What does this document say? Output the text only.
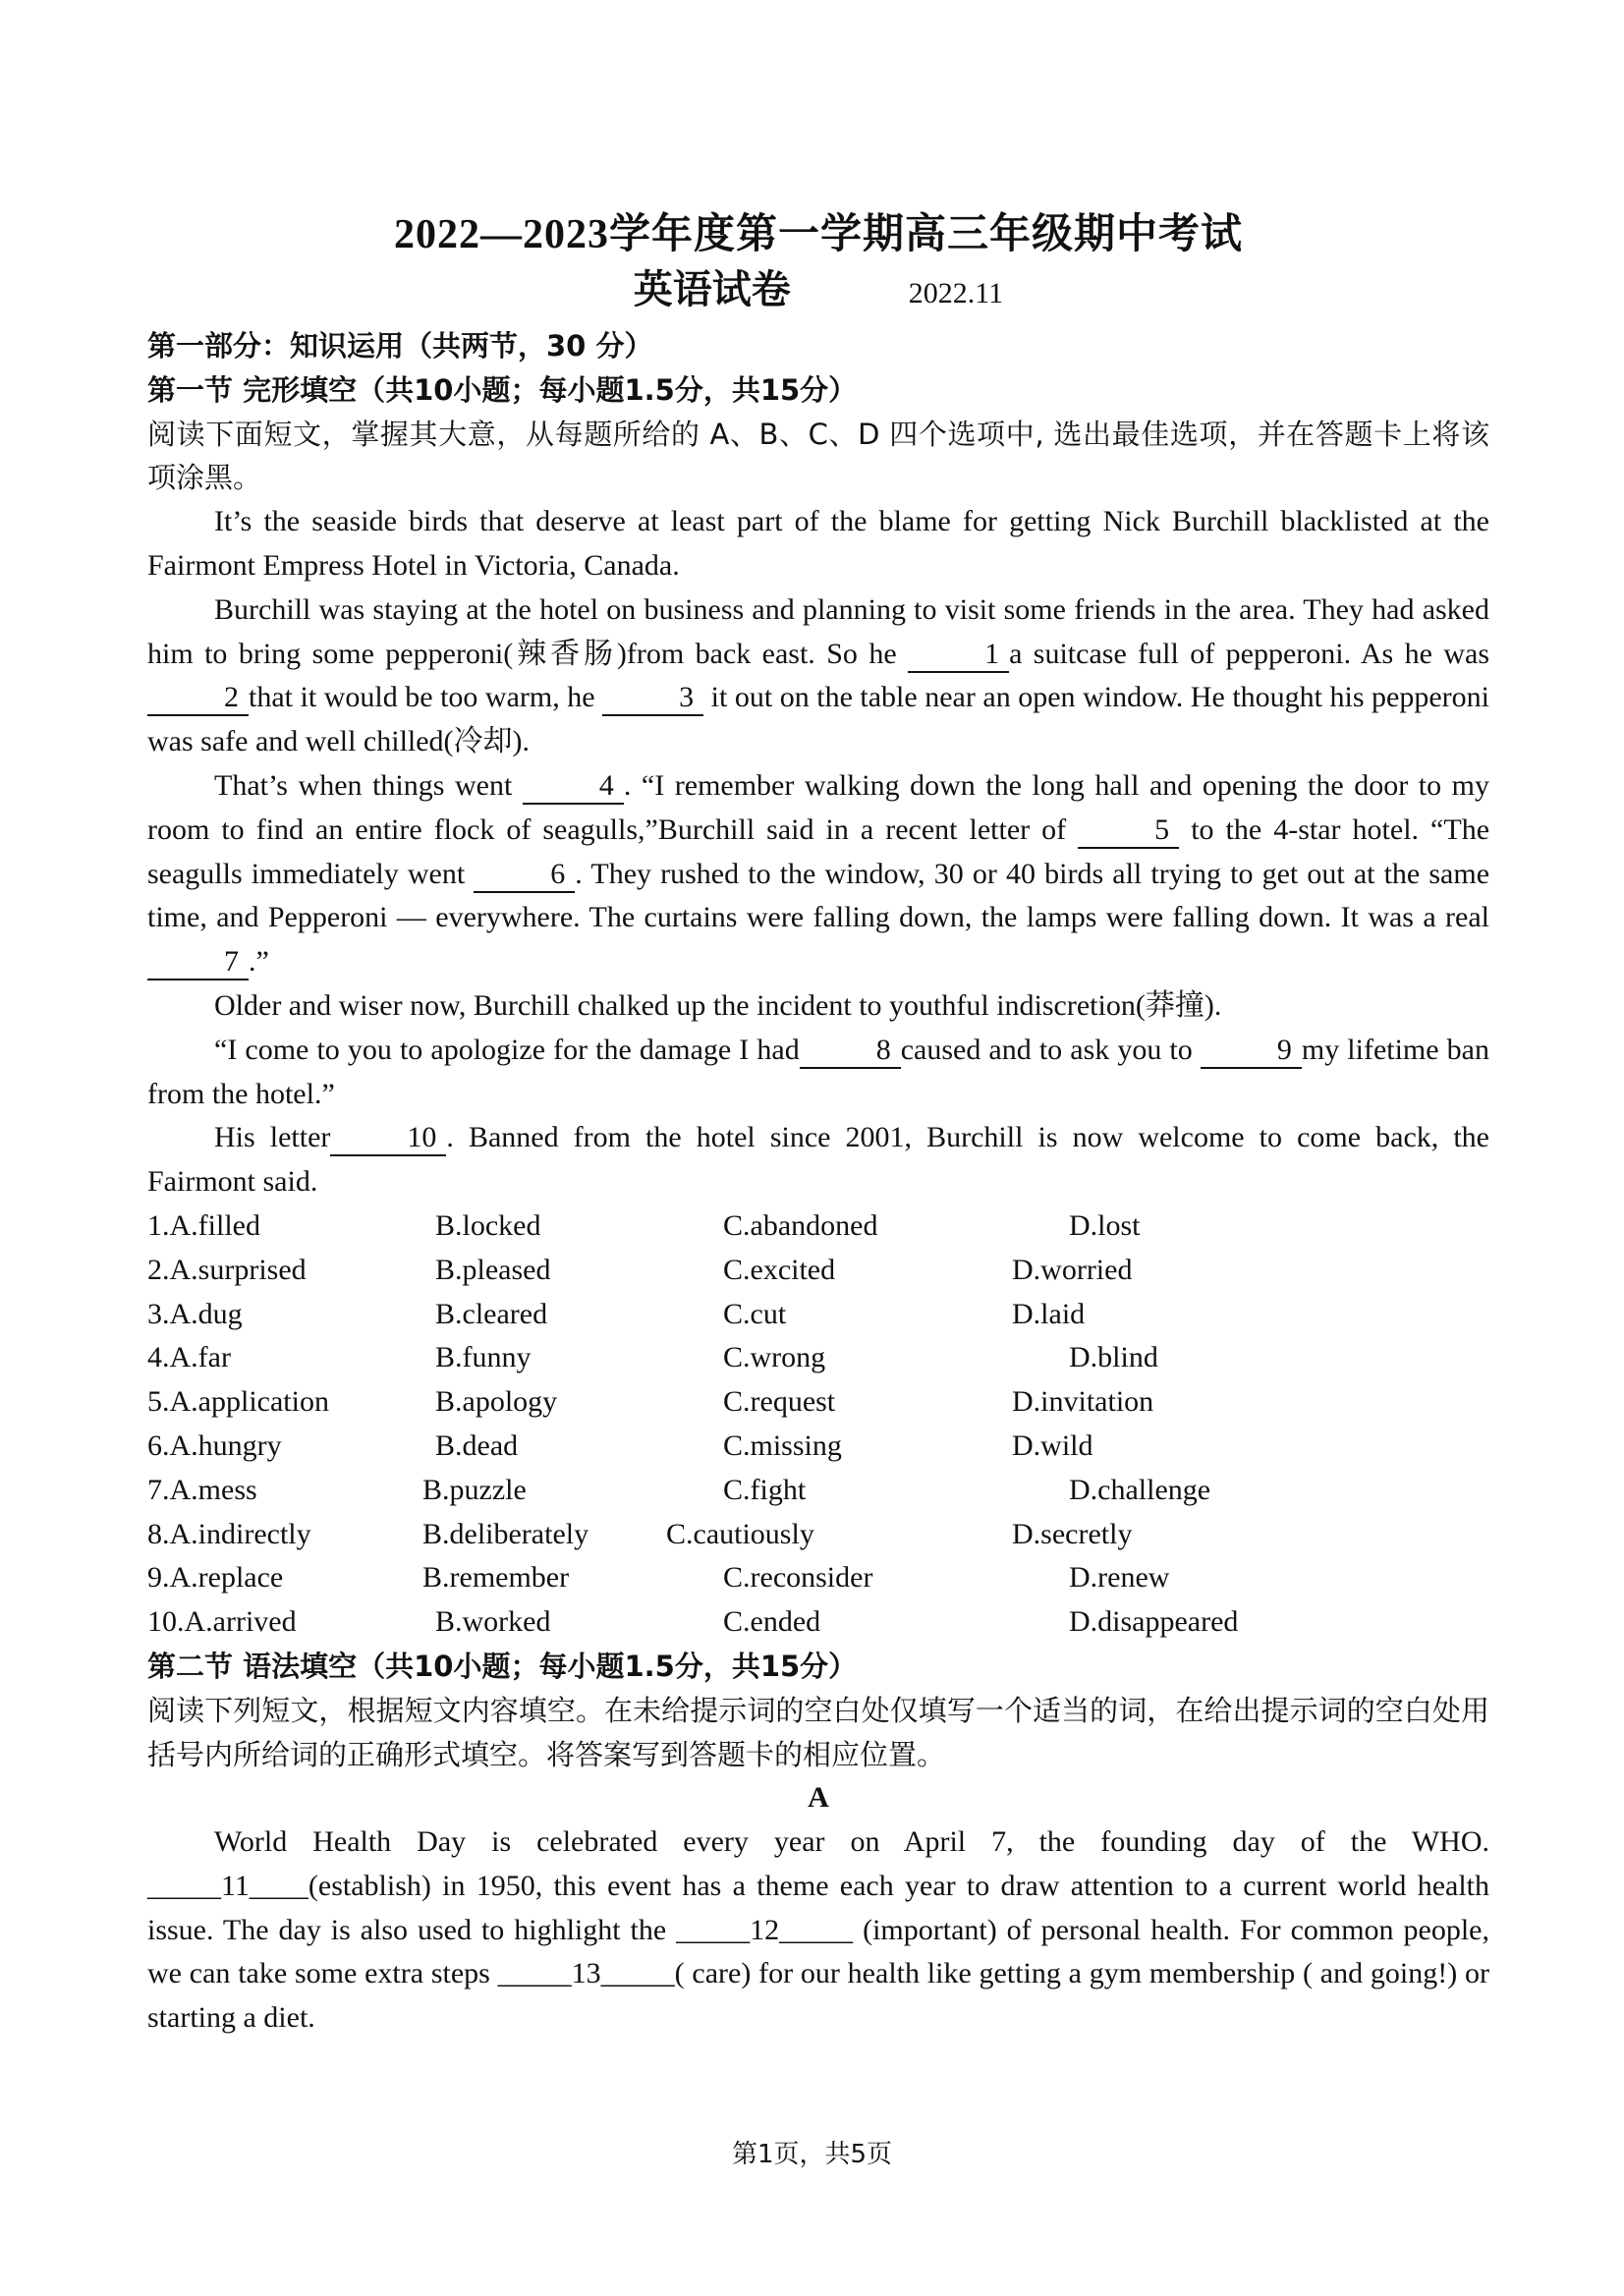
2022—2023学年度第一学期高三年级期中考试
英语试卷	2022.11

第一部分：知识运用（共两节，30 分）

第一节 完形填空（共10小题；每小题1.5分，共15分）

阅读下面短文，掌握其大意，从每题所给的 A、B、C、D 四个选项中, 选出最佳选项，并在答题卡上将该项涂黑。

It’s the seaside birds that deserve at least part of the blame for getting Nick Burchill blacklisted at the Fairmont Empress Hotel in Victoria, Canada.

Burchill was staying at the hotel on business and planning to visit some friends in the area. They had asked him to bring some pepperoni(辣香肠)from back east. So he	1 a suitcase full of pepperoni. As he was 2 that it would be too warm, he	3 it out on the table near an open window. He thought his pepperoni was safe and well chilled(冷却).

That’s when things went	4 . “I remember walking down the long hall and opening the door to my room to find an entire flock of seagulls,”Burchill said in a recent letter of	5 to the 4-star hotel. “The seagulls immediately went	6 . They rushed to the window, 30 or 40 birds all trying to get out at the same time, and Pepperoni — everywhere. The curtains were falling down, the lamps were falling down. It was a real7 .”

Older and wiser now, Burchill chalked up the incident to youthful indiscretion(莽撞).

“I come to you to apologize for the damage I had	8 caused and to ask you to	9 my lifetime ban from the hotel.”

His letter	10 . Banned from the hotel since 2001, Burchill is now welcome to come back, the Fairmont said.

1.A.filled	B.locked	C.abandoned	D.lost
2.A.surprised	B.pleased	C.excited	D.worried
3.A.dug	B.cleared	C.cut	D.laid
4.A.far	B.funny	C.wrong	D.blind
5.A.application	B.apology	C.request	D.invitation
6.A.hungry	B.dead	C.missing	D.wild
7.A.mess	B.puzzle	C.fight	D.challenge
8.A.indirectly	B.deliberately	C.cautiously	D.secretly
9.A.replace	B.remember	C.reconsider	D.renew
10.A.arrived	B.worked	C.ended	D.disappeared

第二节 语法填空（共10小题；每小题1.5分，共15分）

阅读下列短文，根据短文内容填空。在未给提示词的空白处仅填写一个适当的词，在给出提示词的空白处用括号内所给词的正确形式填空。将答案写到答题卡的相应位置。

A

World Health Day is celebrated every year on April 7, the founding day of the WHO. _____11____(establish) in 1950, this event has a theme each year to draw attention to a current world health issue. The day is also used to highlight the _____12_____ (important) of personal health. For common people, we can take some extra steps _____13_____( care) for our health like getting a gym membership ( and going!) or starting a diet.

第1页，共5页
